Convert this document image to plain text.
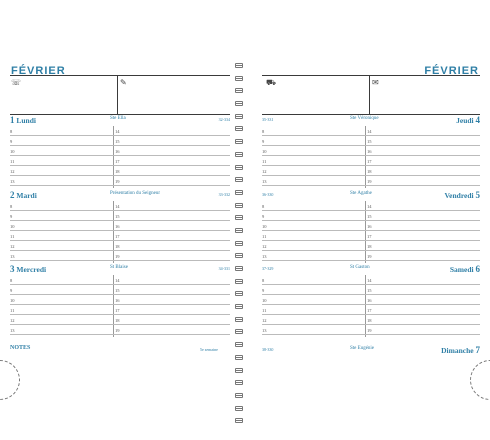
FÉVRIER
☏	✎
NOTES	5e semaine
1 Lundi	Ste Ella	32-334
8	14
9	15
10	16
11	17
12	18
13	19
2 Mardi	Présentation du Seigneur	33-332
8	14
9	15
10	16
11	17
12	18
13	19
3 Mercredi	St Blaise	34-331
8	14
9	15
10	16
11	17
12	18
13	19
FÉVRIER
⛟	✉
Jeudi 4
Ste Véronique
35-331
8	14
9	15
10	16
11	17
12	18
13	19
Vendredi 5
Ste Agathe
36-330
8	14
9	15
10	16
11	17
12	18
13	19
Samedi 6
St Gaston
37-329
8	14
9	15
10	16
11	17
12	18
13	19
Dimanche 7
Ste Eugénie
38-330
